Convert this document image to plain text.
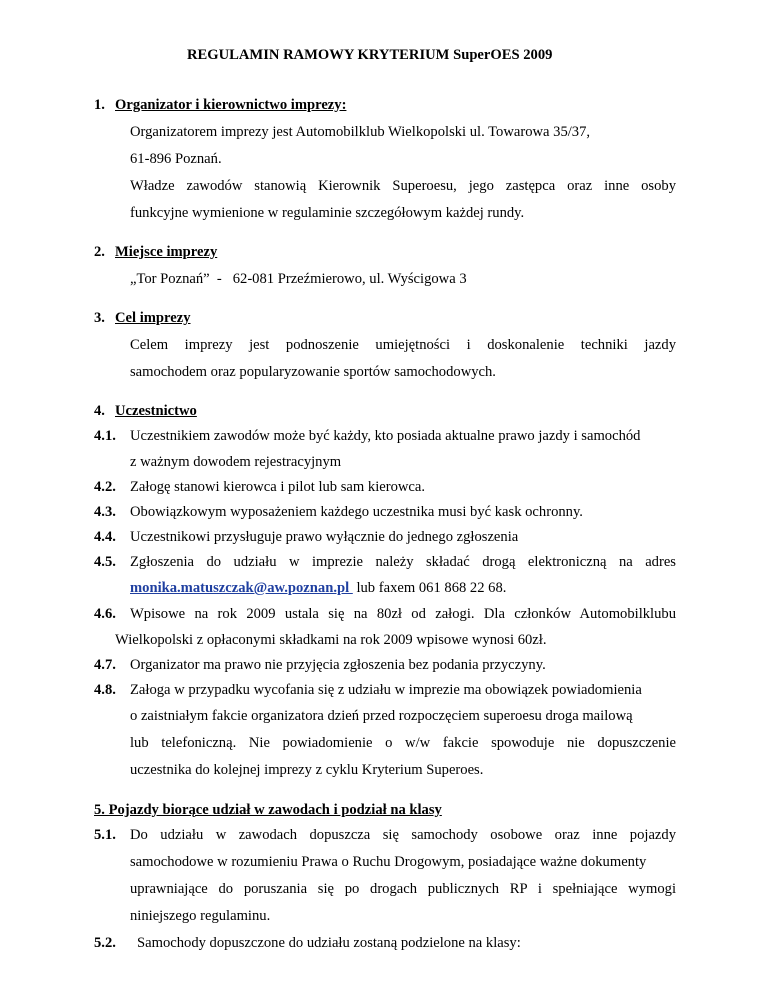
REGULAMIN RAMOWY KRYTERIUM SuperOES 2009
1. Organizator i kierownictwo imprezy:
Organizatorem imprezy jest Automobilklub Wielkopolski ul. Towarowa 35/37,
61-896 Poznań.
Władze zawodów stanowią Kierownik Superoesu, jego zastępca oraz inne osoby
funkcyjne wymienione w regulaminie szczegółowym każdej rundy.
2. Miejsce imprezy
„Tor Poznań”  -   62-081 Przeźmierowo, ul. Wyścigowa 3
3. Cel imprezy
Celem imprezy jest podnoszenie umiejętności i doskonalenie techniki jazdy
samochodem oraz popularyzowanie sportów samochodowych.
4. Uczestnictwo
4.1. Uczestnikiem zawodów może być każdy, kto posiada aktualne prawo jazdy i samochód
z ważnym dowodem rejestracyjnym
4.2. Załogę stanowi kierowca i pilot lub sam kierowca.
4.3. Obowiązkowym wyposażeniem każdego uczestnika musi być kask ochronny.
4.4. Uczestnikowi przysługuje prawo wyłącznie do jednego zgłoszenia
4.5. Zgłoszenia do udziału w imprezie należy składać drogą elektroniczną na adres
monika.matuszczak@aw.poznan.pl  lub faxem 061 868 22 68.
4.6. Wpisowe na rok 2009 ustala się na 80zł od załogi. Dla członków Automobilklubu
Wielkopolski z opłaconymi składkami na rok 2009 wpisowe wynosi 60zł.
4.7. Organizator ma prawo nie przyjęcia zgłoszenia bez podania przyczyny.
4.8. Załoga w przypadku wycofania się z udziału w imprezie ma obowiązek powiadomienia
o zaistniałym fakcie organizatora dzień przed rozpoczęciem superoesu droga mailową
lub telefoniczną. Nie powiadomienie o w/w fakcie spowoduje nie dopuszczenie
uczestnika do kolejnej imprezy z cyklu Kryterium Superoes.
5. Pojazdy biorące udział w zawodach i podział na klasy
5.1. Do udziału w zawodach dopuszcza się samochody osobowe oraz inne pojazdy
samochodowe w rozumieniu Prawa o Ruchu Drogowym, posiadające ważne dokumenty
uprawniające do poruszania się po drogach publicznych RP i spełniające wymogi
niniejszego regulaminu.
5.2. Samochody dopuszczone do udziału zostaną podzielone na klasy:
